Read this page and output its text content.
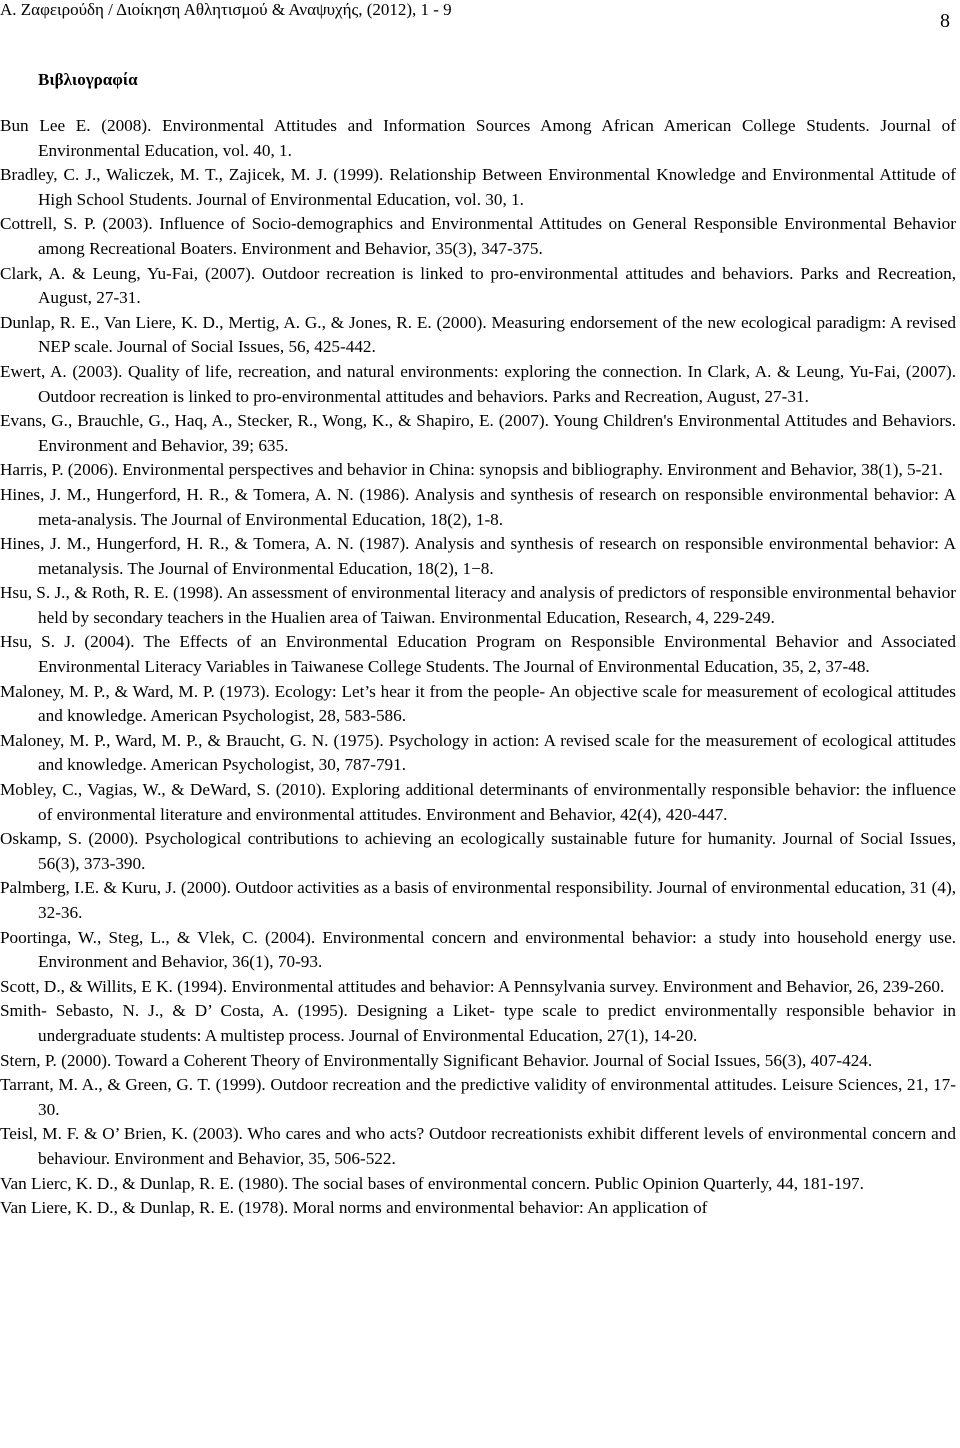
A. Ζαφειρούδη / Διοίκηση Αθλητισμού & Αναψυχής, (2012), 1 - 9
8
Βιβλιογραφία
Bun Lee E. (2008). Environmental Attitudes and Information Sources Among African American College Students. Journal of Environmental Education, vol. 40, 1.
Bradley, C. J., Waliczek, M. T., Zajicek, M. J. (1999). Relationship Between Environmental Knowledge and Environmental Attitude of High School Students. Journal of Environmental Education, vol. 30, 1.
Cottrell, S. P. (2003). Influence of Socio-demographics and Environmental Attitudes on General Responsible Environmental Behavior among Recreational Boaters. Environment and Behavior, 35(3), 347-375.
Clark, A. & Leung, Yu-Fai, (2007). Outdoor recreation is linked to pro-environmental attitudes and behaviors. Parks and Recreation, August, 27-31.
Dunlap, R. E., Van Liere, K. D., Mertig, A. G., & Jones, R. E. (2000). Measuring endorsement of the new ecological paradigm: A revised NEP scale. Journal of Social Issues, 56, 425-442.
Ewert, A. (2003). Quality of life, recreation, and natural environments: exploring the connection. In Clark, A. & Leung, Yu-Fai, (2007). Outdoor recreation is linked to pro-environmental attitudes and behaviors. Parks and Recreation, August, 27-31.
Evans, G., Brauchle, G., Haq, A., Stecker, R., Wong, K., & Shapiro, E. (2007). Young Children's Environmental Attitudes and Behaviors. Environment and Behavior, 39; 635.
Harris, P. (2006). Environmental perspectives and behavior in China: synopsis and bibliography. Environment and Behavior, 38(1), 5-21.
Hines, J. M., Hungerford, H. R., & Tomera, A. N. (1986). Analysis and synthesis of research on responsible environmental behavior: A meta-analysis. The Journal of Environmental Education, 18(2), 1-8.
Hines, J. M., Hungerford, H. R., & Tomera, A. N. (1987). Analysis and synthesis of research on responsible environmental behavior: A metanalysis. The Journal of Environmental Education, 18(2), 1−8.
Hsu, S. J., & Roth, R. E. (1998). An assessment of environmental literacy and analysis of predictors of responsible environmental behavior held by secondary teachers in the Hualien area of Taiwan. Environmental Education, Research, 4, 229-249.
Hsu, S. J. (2004). The Effects of an Environmental Education Program on Responsible Environmental Behavior and Associated Environmental Literacy Variables in Taiwanese College Students. The Journal of Environmental Education, 35, 2, 37-48.
Maloney, M. P., & Ward, M. P. (1973). Ecology: Let’s hear it from the people- An objective scale for measurement of ecological attitudes and knowledge. American Psychologist, 28, 583-586.
Maloney, M. P., Ward, M. P., & Braucht, G. N. (1975). Psychology in action: A revised scale for the measurement of ecological attitudes and knowledge. American Psychologist, 30, 787-791.
Mobley, C., Vagias, W., & DeWard, S. (2010). Exploring additional determinants of environmentally responsible behavior: the influence of environmental literature and environmental attitudes. Environment and Behavior, 42(4), 420-447.
Oskamp, S. (2000). Psychological contributions to achieving an ecologically sustainable future for humanity. Journal of Social Issues, 56(3), 373-390.
Palmberg, I.E. & Kuru, J. (2000). Outdoor activities as a basis of environmental responsibility. Journal of environmental education, 31 (4), 32-36.
Poortinga, W., Steg, L., & Vlek, C. (2004). Environmental concern and environmental behavior: a study into household energy use. Environment and Behavior, 36(1), 70-93.
Scott, D., & Willits, E K. (1994). Environmental attitudes and behavior: A Pennsylvania survey. Environment and Behavior, 26, 239-260.
Smith- Sebasto, N. J., & D’ Costa, A. (1995). Designing a Liket- type scale to predict environmentally responsible behavior in undergraduate students: A multistep process. Journal of Environmental Education, 27(1), 14-20.
Stern, P. (2000). Toward a Coherent Theory of Environmentally Significant Behavior. Journal of Social Issues, 56(3), 407-424.
Tarrant, M. A., & Green, G. T. (1999). Outdoor recreation and the predictive validity of environmental attitudes. Leisure Sciences, 21, 17-30.
Teisl, M. F. & O’ Brien, K. (2003). Who cares and who acts? Outdoor recreationists exhibit different levels of environmental concern and behaviour. Environment and Behavior, 35, 506-522.
Van Lierc, K. D., & Dunlap, R. E. (1980). The social bases of environmental concern. Public Opinion Quarterly, 44, 181-197.
Van Liere, K. D., & Dunlap, R. E. (1978). Moral norms and environmental behavior: An application of
